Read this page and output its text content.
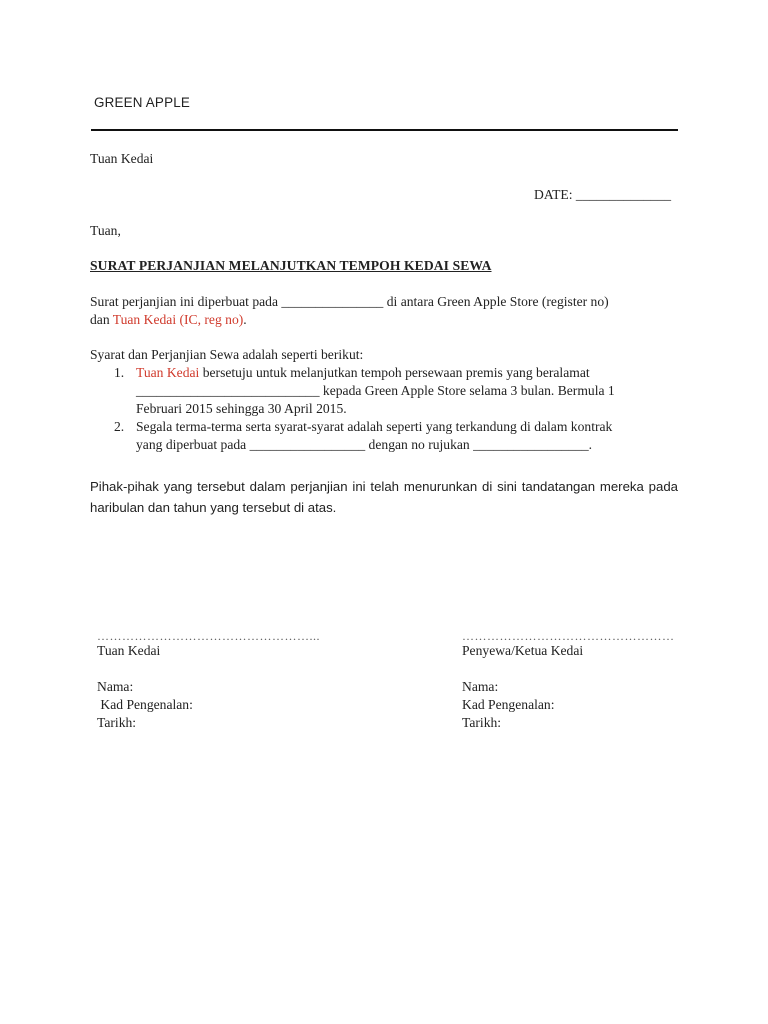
GREEN APPLE
Tuan Kedai
DATE: ______________
Tuan,
SURAT PERJANJIAN MELANJUTKAN TEMPOH KEDAI SEWA
Surat perjanjian ini diperbuat pada _______________ di antara Green Apple Store (register no)
dan Tuan Kedai (IC, reg no).
Syarat dan Perjanjian Sewa adalah seperti berikut:
1. Tuan Kedai bersetuju untuk melanjutkan tempoh persewaan premis yang beralamat
___________________________ kepada Green Apple Store selama 3 bulan. Bermula 1
Februari 2015 sehingga 30 April 2015.
2. Segala terma-terma serta syarat-syarat adalah seperti yang terkandung di dalam kontrak
yang diperbuat pada _________________ dengan no rujukan _________________.
Pihak-pihak yang tersebut dalam perjanjian ini telah menurunkan di sini tandatangan mereka pada haribulan dan tahun yang tersebut di atas.
……………………………………………...
Tuan Kedai
Nama:
Kad Pengenalan:
Tarikh:
……………………………………………
Penyewa/Ketua Kedai
Nama:
Kad Pengenalan:
Tarikh:
